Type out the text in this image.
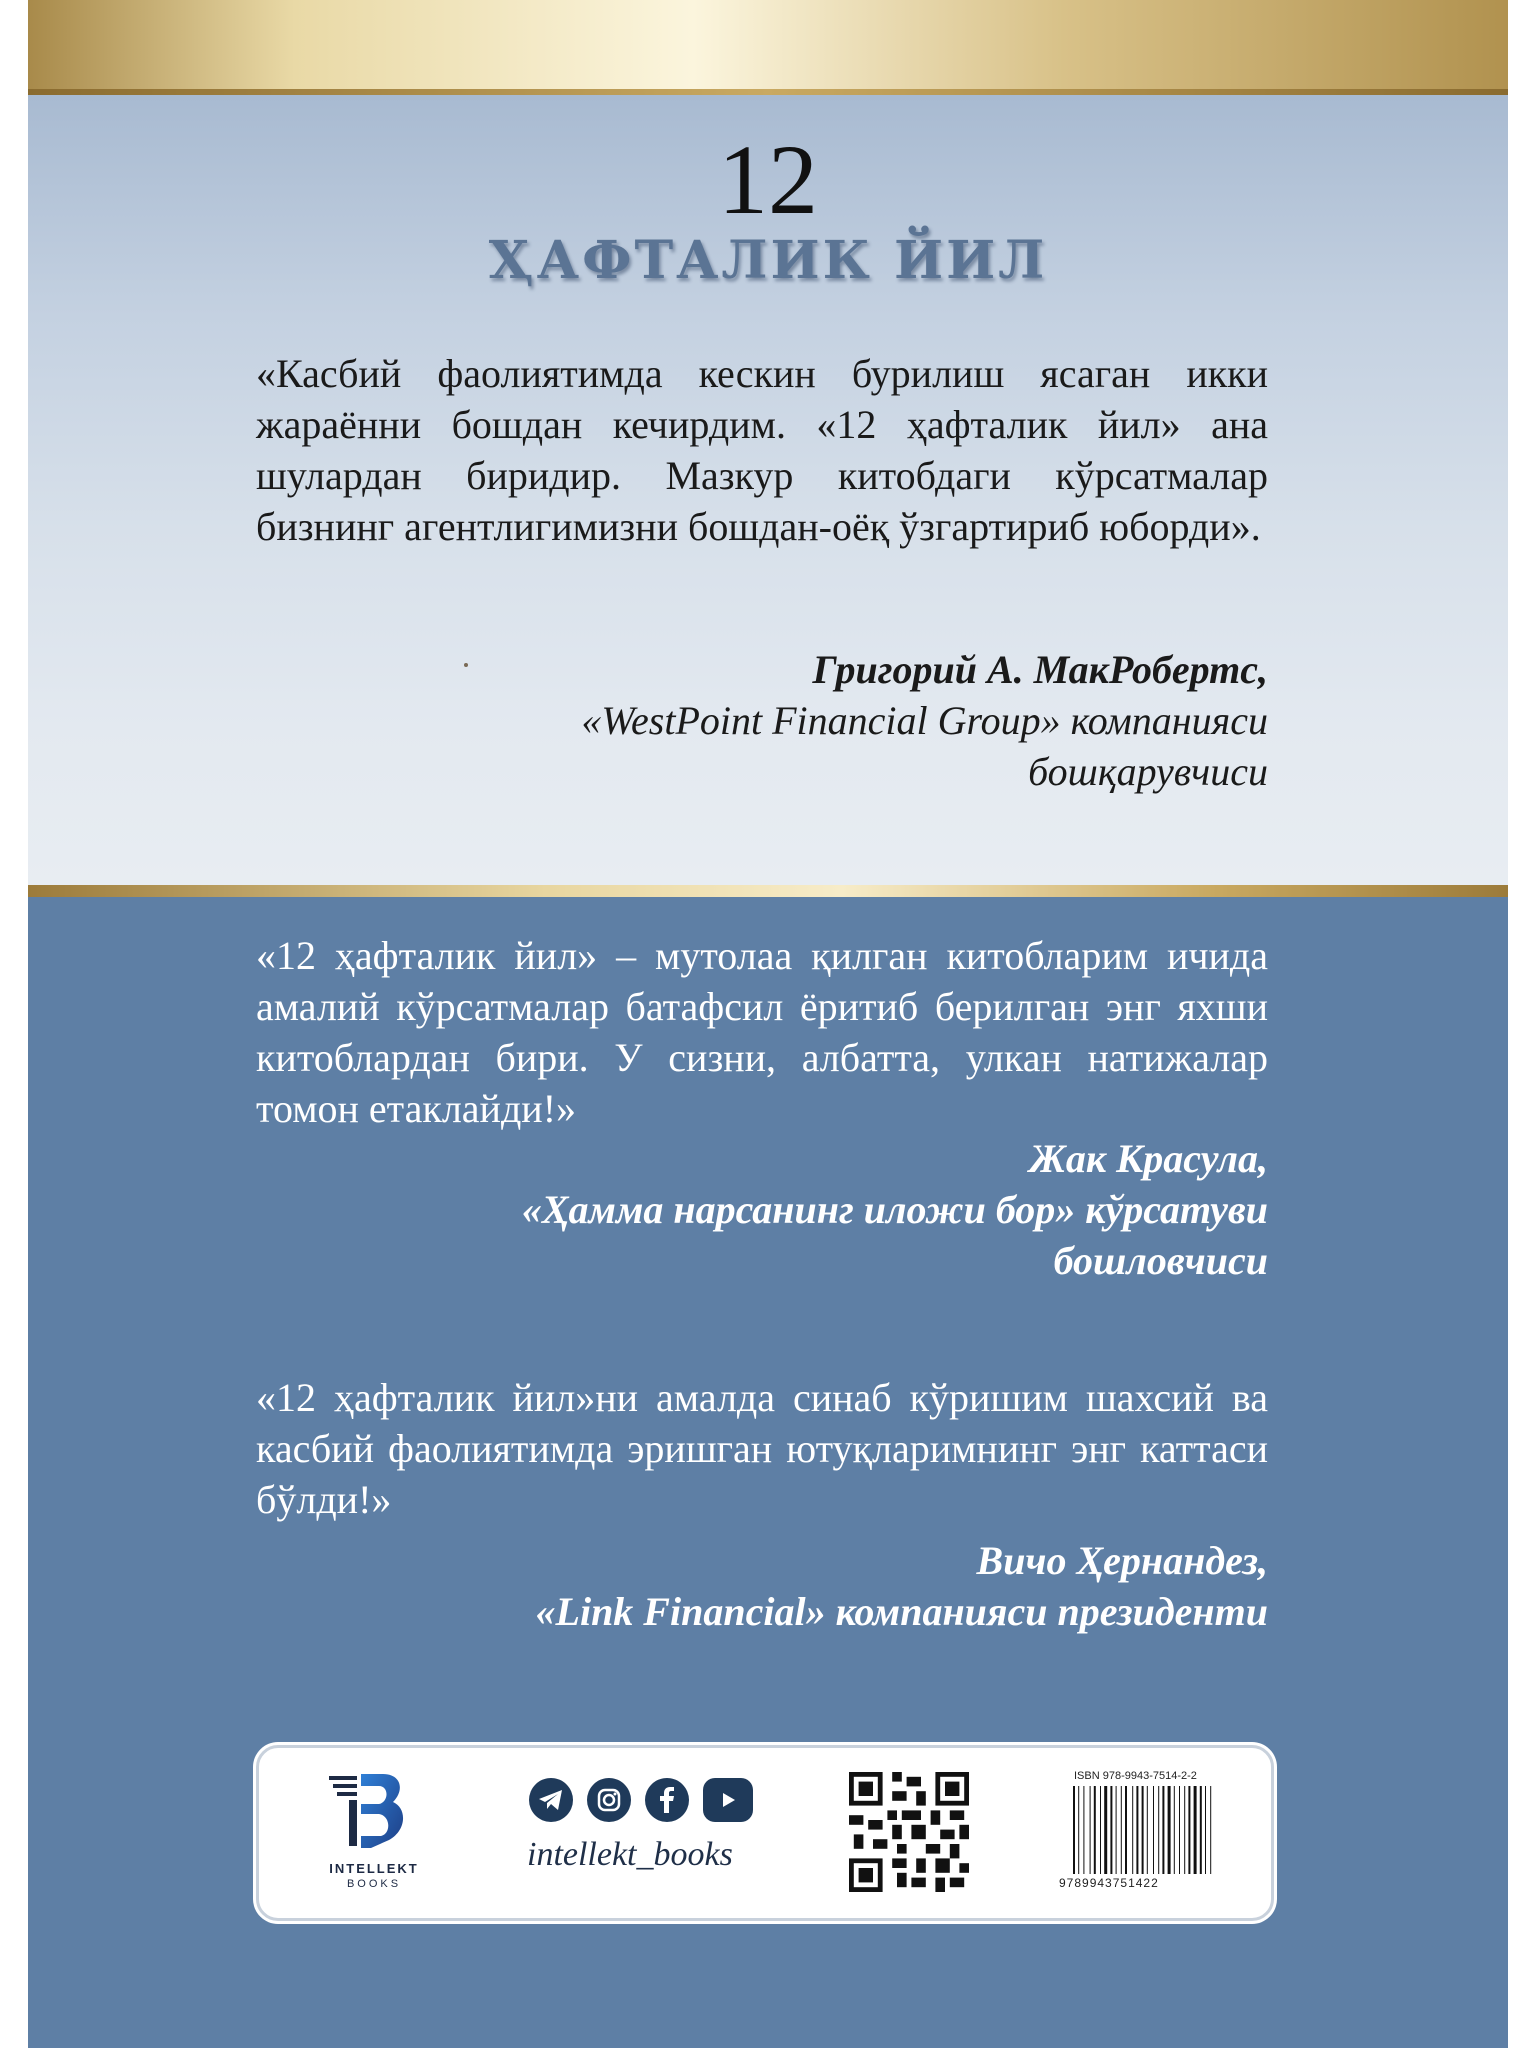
12
ҲАФТАЛИК ЙИЛ

«Касбий фаолиятимда кескин бурилиш ясаган икки жараённи бошдан кечирдим. «12 ҳафталик йил» ана шулардан биридир. Мазкур китобдаги кўрсатмалар бизнинг агентлигимизни бошдан-оёқ ўзгартириб юборди».

Григорий А. МакРобертс,
«WestPoint Financial Group» компанияси
бошқарувчиси

«12 ҳафталик йил» – мутолаа қилган китобларим ичида амалий кўрсатмалар батафсил ёритиб берилган энг яхши китоблардан бири. У сизни, албатта, улкан натижалар томон етаклайди!»

Жак Красула,
«Ҳамма нарсанинг иложи бор» кўрсатуви
бошловчиси

«12 ҳафталик йил»ни амалда синаб кўришим шахсий ва касбий фаолиятимда эришган ютуқларимнинг энг каттаси бўлди!»

Вичо Ҳернандез,
«Link Financial» компанияси президенти
INTELLEKT
BOOKS
intellekt_books
ISBN 978-9943-7514-2-2
9789943751422
